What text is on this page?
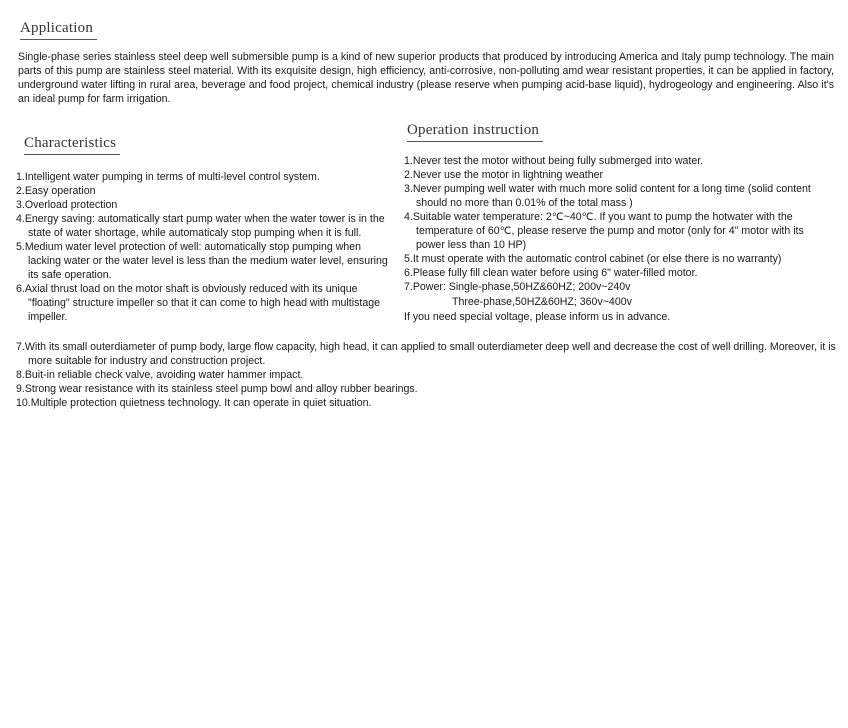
Application

Single-phase series stainless steel deep well submersible pump is a kind of new superior products that produced by introducing America and Italy pump technology. The main parts of this pump are stainless steel material. With its exquisite design, high efficiency, anti-corrosive, non-polluting amd wear resistant properties, it can be applied in factory, underground water lifting in rural area, beverage and food project, chemical industry (please reserve when pumping acid-base liquid), hydrogeology and engineering. Also it's an ideal pump for farm irrigation.

Characteristics
1.Intelligent water pumping in terms of multi-level control system.
2.Easy operation
3.Overload protection
4.Energy saving: automatically start pump water when the water tower is in the state of water shortage, while automaticaly stop pumping when it is full.
5.Medium water level protection of well: automatically stop pumping when lacking water or the water level is less than the medium water level, ensuring its safe operation.
6.Axial thrust load on the motor shaft is obviously reduced with its unique "floating" structure impeller so that it can come to high head with multistage impeller.
7.With its small outerdiameter of pump body, large flow capacity, high head, it can applied to small outerdiameter deep well and decrease the cost of well drilling. Moreover, it is more suitable for industry and construction project.
8.Buit-in reliable check valve, avoiding water hammer impact.
9.Strong wear resistance with its stainless steel pump bowl and alloy rubber bearings.
10.Multiple protection quietness technology. It can operate in quiet situation.
Operation instruction
1.Never test the motor without being fully submerged into water.
2.Never use the motor in lightning weather
3.Never pumping well water with much more solid content for a long time (solid content should no more than 0.01% of the total mass )
4.Suitable water temperature: 2℃~40℃. If you want to pump the hotwater with the temperature of 60℃, please reserve the pump and motor (only for 4" motor with its power less than 10 HP)
5.It must operate with the automatic control cabinet (or else there is no warranty)
6.Please fully fill clean water before using 6" water-filled motor.
7.Power: Single-phase,50HZ&60HZ; 200v~240v
Three-phase,50HZ&60HZ; 360v~400v
If you need special voltage, please inform us in advance.
